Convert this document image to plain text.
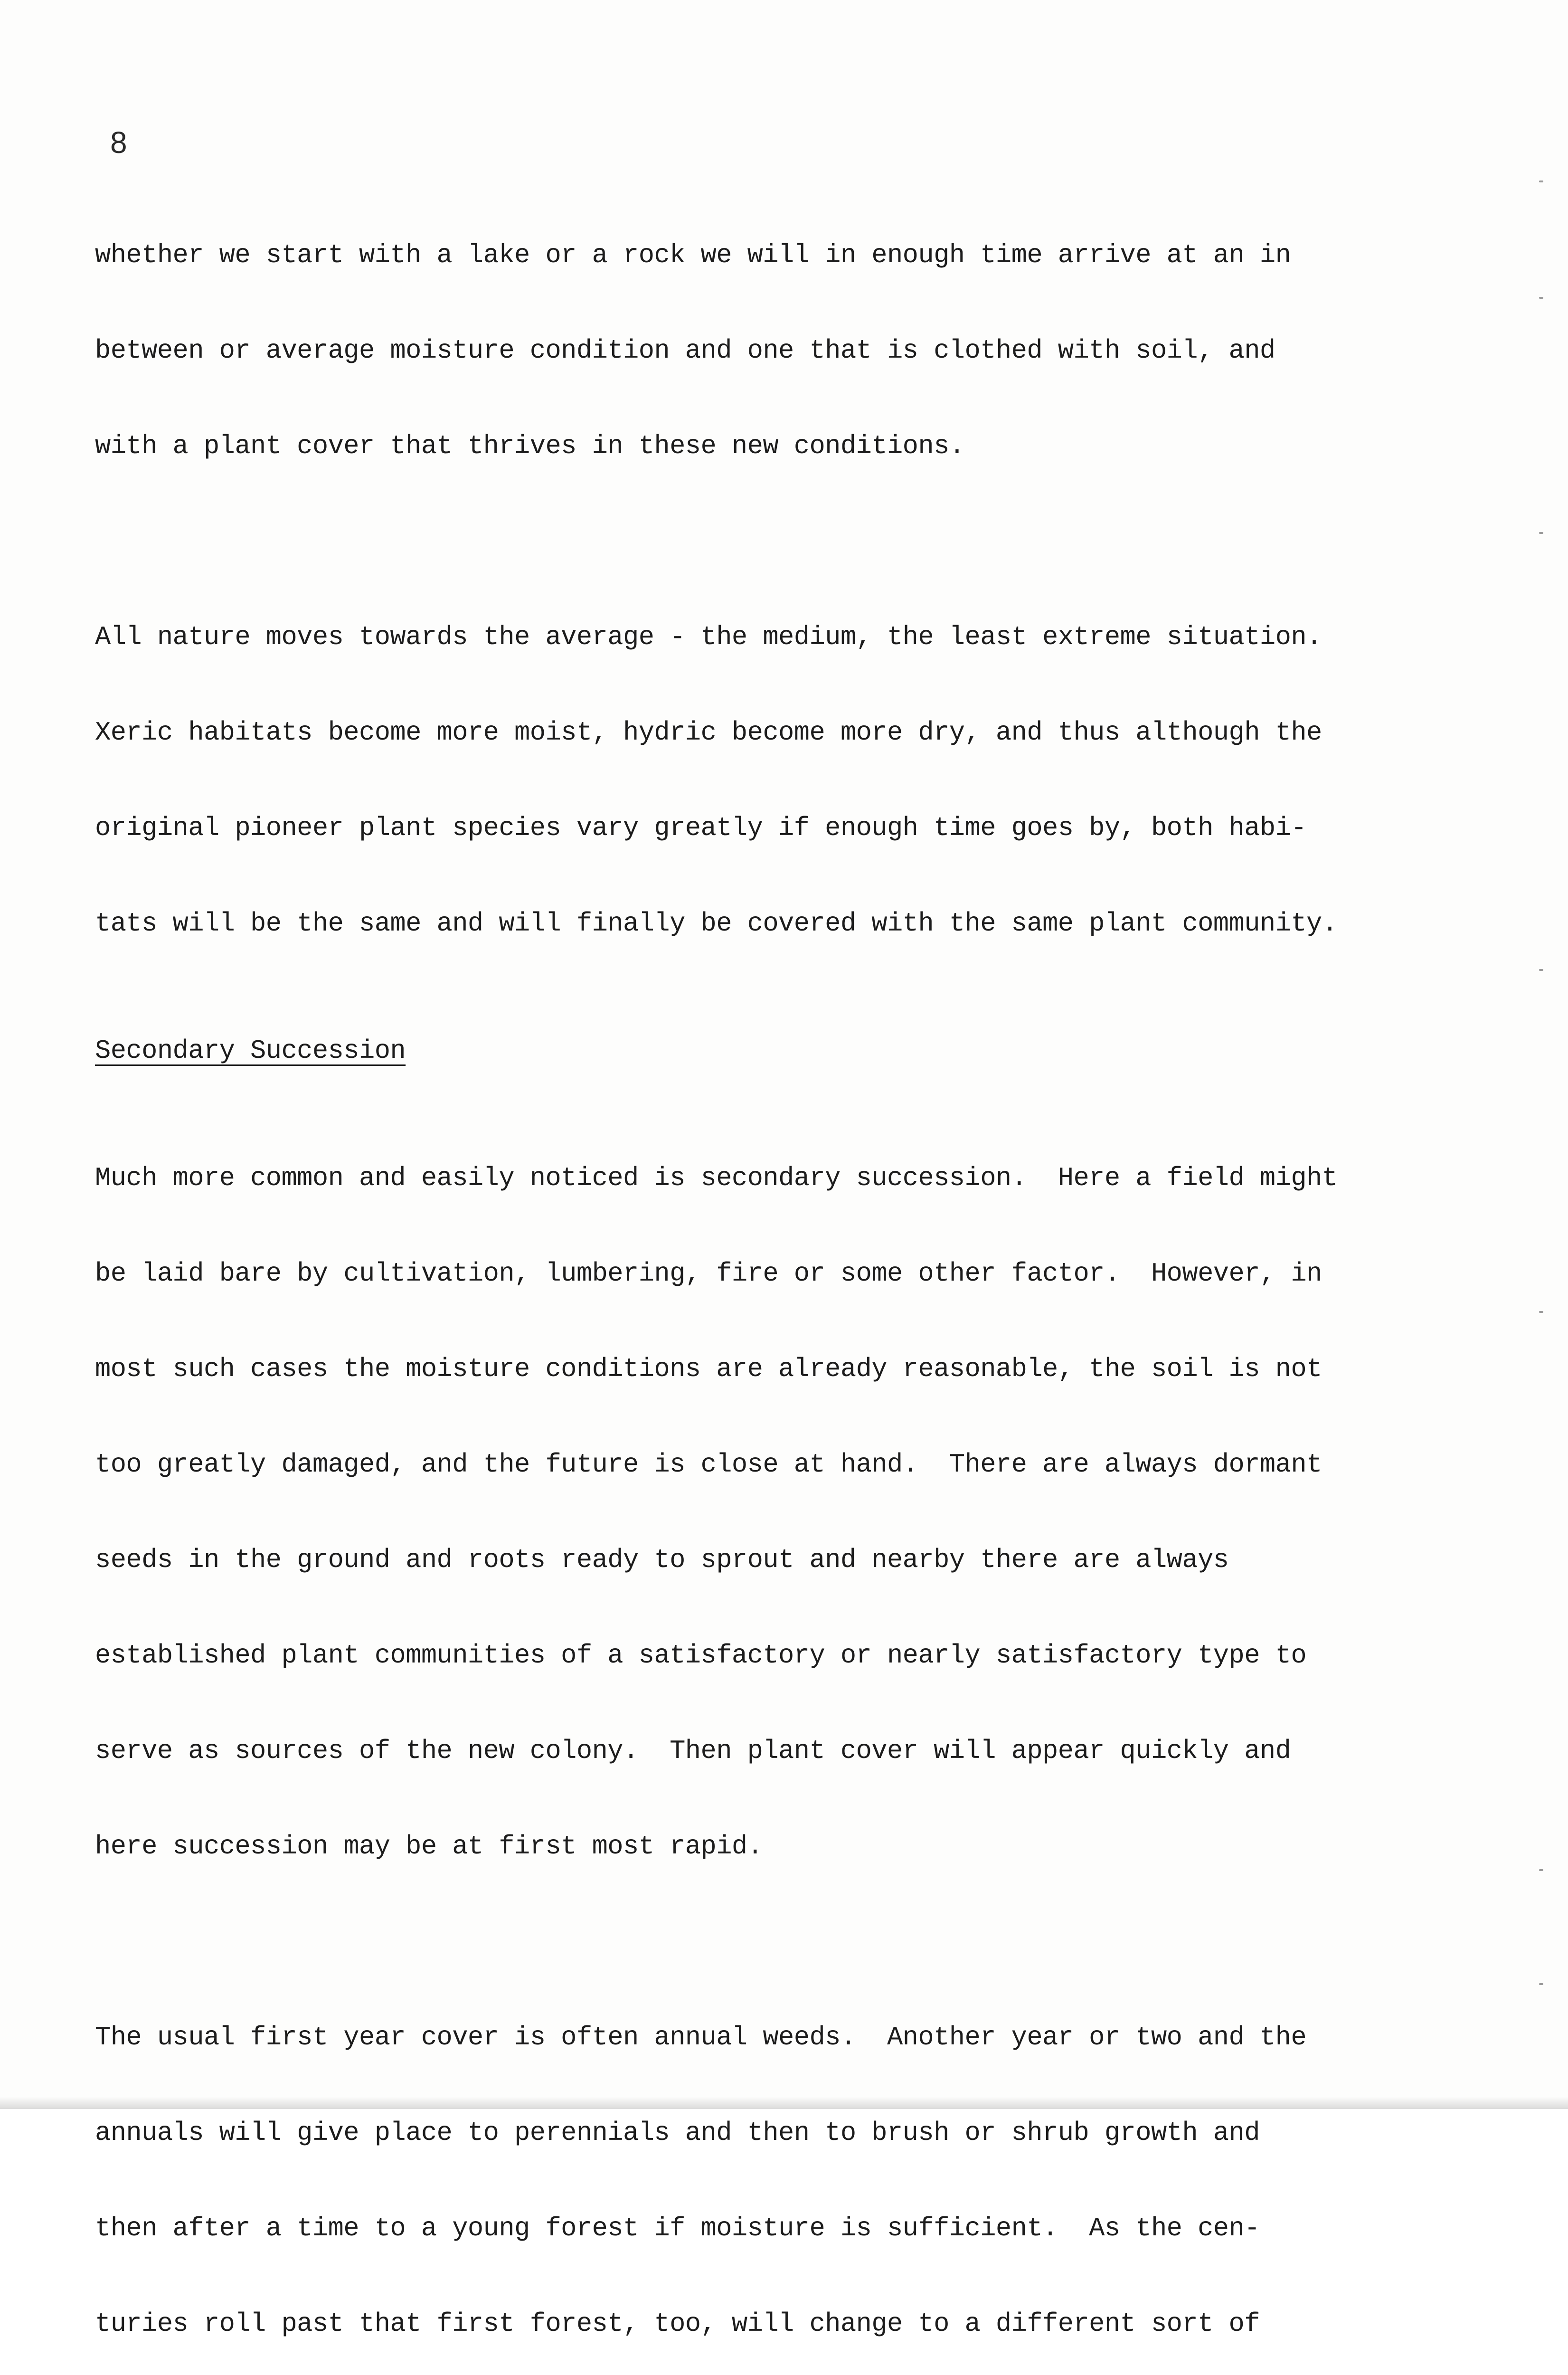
8

whether we start with a lake or a rock we will in enough time arrive at an in

between or average moisture condition and one that is clothed with soil, and

with a plant cover that thrives in these new conditions.

All nature moves towards the average - the medium, the least extreme situation.

Xeric habitats become more moist, hydric become more dry, and thus although the

original pioneer plant species vary greatly if enough time goes by, both habi-

tats will be the same and will finally be covered with the same plant community.

Secondary Succession

Much more common and easily noticed is secondary succession.  Here a field might

be laid bare by cultivation, lumbering, fire or some other factor.  However, in

most such cases the moisture conditions are already reasonable, the soil is not

too greatly damaged, and the future is close at hand.  There are always dormant

seeds in the ground and roots ready to sprout and nearby there are always

established plant communities of a satisfactory or nearly satisfactory type to

serve as sources of the new colony.  Then plant cover will appear quickly and

here succession may be at first most rapid.

The usual first year cover is often annual weeds.  Another year or two and the

annuals will give place to perennials and then to brush or shrub growth and

then after a time to a young forest if moisture is sufficient.  As the cen-

turies roll past that first forest, too, will change to a different sort of
